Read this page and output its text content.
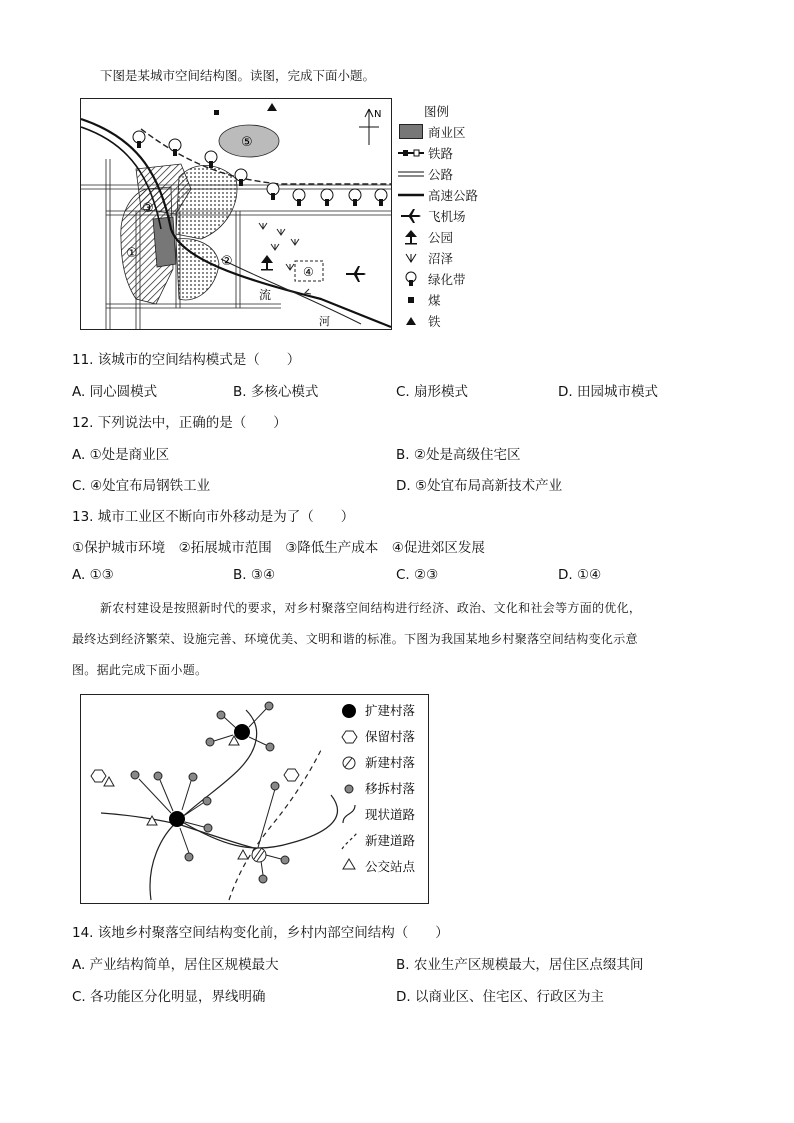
下图是某城市空间结构图。读图，完成下面小题。
N
⑤
③
①
②
④
流
河
图例
商业区
铁路
公路
高速公路
飞机场
公园
沼泽
绿化带
煤
铁
11. 该城市的空间结构模式是（　　）
A. 同心圆模式	B. 多核心模式	C. 扇形模式	D. 田园城市模式
12. 下列说法中，正确的是（　　）
A. ①处是商业区	B. ②处是高级住宅区
C. ④处宜布局钢铁工业	D. ⑤处宜布局高新技术产业
13. 城市工业区不断向市外移动是为了（　　）
①保护城市环境　②拓展城市范围　③降低生产成本　④促进郊区发展
A. ①③	B. ③④	C. ②③	D. ①④
新农村建设是按照新时代的要求，对乡村聚落空间结构进行经济、政治、文化和社会等方面的优化，
最终达到经济繁荣、设施完善、环境优美、文明和谐的标准。下图为我国某地乡村聚落空间结构变化示意
图。据此完成下面小题。
扩建村落
保留村落
新建村落
移拆村落
现状道路
新建道路
公交站点
14. 该地乡村聚落空间结构变化前，乡村内部空间结构（　　）
A. 产业结构简单，居住区规模最大	B. 农业生产区规模最大，居住区点缀其间
C. 各功能区分化明显，界线明确	D. 以商业区、住宅区、行政区为主
